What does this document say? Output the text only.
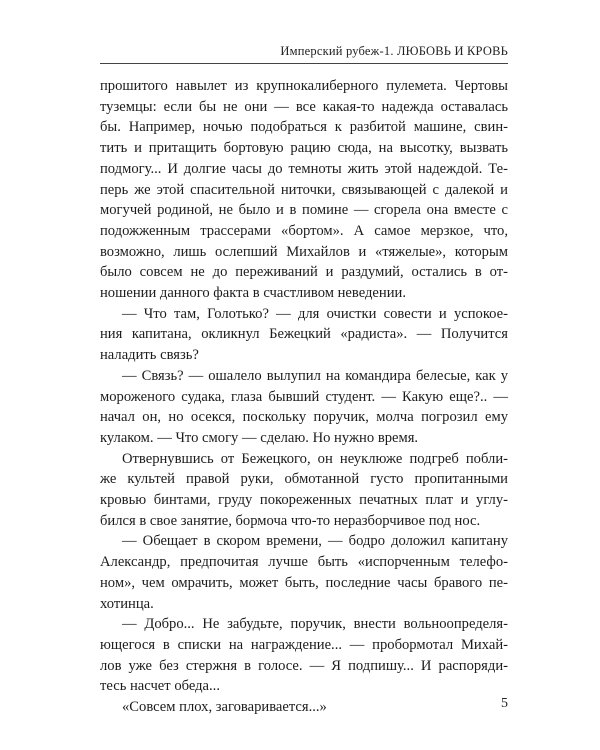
Имперский рубеж-1. ЛЮБОВЬ И КРОВЬ

прошитого навылет из крупнокалиберного пулемета. Чертовы
туземцы: если бы не они — все какая-то надежда оставалась
бы. Например, ночью подобраться к разбитой машине, свин-
тить и притащить бортовую рацию сюда, на высотку, вызвать
подмогу... И долгие часы до темноты жить этой надеждой. Те-
перь же этой спасительной ниточки, связывающей с далекой и
могучей родиной, не было и в помине — сгорела она вместе с
подожженным трассерами «бортом». А самое мерзкое, что,
возможно, лишь ослепший Михайлов и «тяжелые», которым
было совсем не до переживаний и раздумий, остались в от-
ношении данного факта в счастливом неведении.

— Что там, Голотько? — для очистки совести и успокое-
ния капитана, окликнул Бежецкий «радиста». — Получится
наладить связь?

— Связь? — ошалело вылупил на командира белесые, как у
мороженого судака, глаза бывший студент. — Какую еще?.. —
начал он, но осекся, поскольку поручик, молча погрозил ему
кулаком. — Что смогу — сделаю. Но нужно время.

Отвернувшись от Бежецкого, он неуклюже подгреб побли-
же культей правой руки, обмотанной густо пропитанными
кровью бинтами, груду покореженных печатных плат и углу-
бился в свое занятие, бормоча что-то неразборчивое под нос.

— Обещает в скором времени, — бодро доложил капитану
Александр, предпочитая лучше быть «испорченным телефо-
ном», чем омрачить, может быть, последние часы бравого пе-
хотинца.

— Добро... Не забудьте, поручик, внести вольноопределя-
ющегося в списки на награждение... — пробормотал Михай-
лов уже без стержня в голосе. — Я подпишу... И распоряди-
тесь насчет обеда...

«Совсем плох, заговаривается...»	5
